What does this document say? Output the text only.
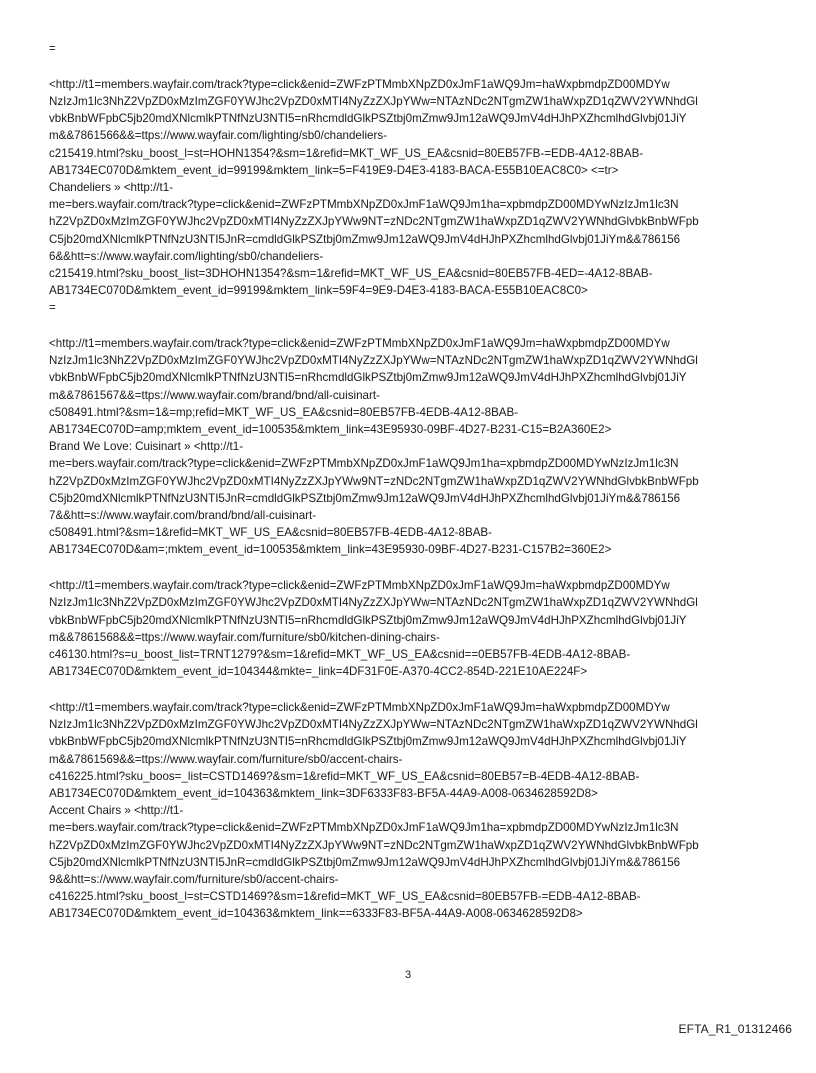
=
<http://t1=members.wayfair.com/track?type=click&enid=ZWFzPTMmbXNpZD0xJmF1aWQ9Jm=haWxpbmdpZD00MDYw
NzIzJm1lc3NhZ2VpZD0xMzImZGF0YWJhc2VpZD0xMTI4NyZzZXJpYWw=NTAzNDc2NTgmZW1haWxpZD1qZWV2YWNhdGl
vbkBnbWFpbC5jb20mdXNlcmlkPTNfNzU3NTI5=nRhcmdldGlkPSZtbj0mZmw9Jm12aWQ9JmV4dHJhPXZhcmlhdGlvbj01JiY
m&&7861566&&=ttps://www.wayfair.com/lighting/sb0/chandeliers-
c215419.html?sku_boost_l=st=HOHN1354?&sm=1&refid=MKT_WF_US_EA&csnid=80EB57FB-=EDB-4A12-8BAB-
AB1734EC070D&mktem_event_id=99199&mktem_link=5=F419E9-D4E3-4183-BACA-E55B10EAC8C0> <=tr>
Chandeliers » <http://t1-
me=bers.wayfair.com/track?type=click&enid=ZWFzPTMmbXNpZD0xJmF1aWQ9Jm1ha=xpbmdpZD00MDYwNzIzJm1lc3N
hZ2VpZD0xMzImZGF0YWJhc2VpZD0xMTI4NyZzZXJpYWw9NT=zNDc2NTgmZW1haWxpZD1qZWV2YWNhdGlvbkBnbWFpb
C5jb20mdXNlcmlkPTNfNzU3NTI5JnR=cmdldGlkPSZtbj0mZmw9Jm12aWQ9JmV4dHJhPXZhcmlhdGlvbj01JiYm&&786156
6&&htt=s://www.wayfair.com/lighting/sb0/chandeliers-
c215419.html?sku_boost_list=3DHOHN1354?&sm=1&refid=MKT_WF_US_EA&csnid=80EB57FB-4ED=-4A12-8BAB-
AB1734EC070D&mktem_event_id=99199&mktem_link=59F4=9E9-D4E3-4183-BACA-E55B10EAC8C0>
=
<http://t1=members.wayfair.com/track?type=click&enid=ZWFzPTMmbXNpZD0xJmF1aWQ9Jm=haWxpbmdpZD00MDYw
NzIzJm1lc3NhZ2VpZD0xMzImZGF0YWJhc2VpZD0xMTI4NyZzZXJpYWw=NTAzNDc2NTgmZW1haWxpZD1qZWV2YWNhdGl
vbkBnbWFpbC5jb20mdXNlcmlkPTNfNzU3NTI5=nRhcmdldGlkPSZtbj0mZmw9Jm12aWQ9JmV4dHJhPXZhcmlhdGlvbj01JiY
m&&7861567&&=ttps://www.wayfair.com/brand/bnd/all-cuisinart-
c508491.html?&sm=1&=mp;refid=MKT_WF_US_EA&csnid=80EB57FB-4EDB-4A12-8BAB-
AB1734EC070D=amp;mktem_event_id=100535&mktem_link=43E95930-09BF-4D27-B231-C15=B2A360E2>
Brand We Love: Cuisinart » <http://t1-
me=bers.wayfair.com/track?type=click&enid=ZWFzPTMmbXNpZD0xJmF1aWQ9Jm1ha=xpbmdpZD00MDYwNzIzJm1lc3N
hZ2VpZD0xMzImZGF0YWJhc2VpZD0xMTI4NyZzZXJpYWw9NT=zNDc2NTgmZW1haWxpZD1qZWV2YWNhdGlvbkBnbWFpb
C5jb20mdXNlcmlkPTNfNzU3NTI5JnR=cmdldGlkPSZtbj0mZmw9Jm12aWQ9JmV4dHJhPXZhcmlhdGlvbj01JiYm&&786156
7&&htt=s://www.wayfair.com/brand/bnd/all-cuisinart-
c508491.html?&sm=1&refid=MKT_WF_US_EA&csnid=80EB57FB-4EDB-4A12-8BAB-
AB1734EC070D&am=;mktem_event_id=100535&mktem_link=43E95930-09BF-4D27-B231-C157B2=360E2>
<http://t1=members.wayfair.com/track?type=click&enid=ZWFzPTMmbXNpZD0xJmF1aWQ9Jm=haWxpbmdpZD00MDYw
NzIzJm1lc3NhZ2VpZD0xMzImZGF0YWJhc2VpZD0xMTI4NyZzZXJpYWw=NTAzNDc2NTgmZW1haWxpZD1qZWV2YWNhdGl
vbkBnbWFpbC5jb20mdXNlcmlkPTNfNzU3NTI5=nRhcmdldGlkPSZtbj0mZmw9Jm12aWQ9JmV4dHJhPXZhcmlhdGlvbj01JiY
m&&7861568&&=ttps://www.wayfair.com/furniture/sb0/kitchen-dining-chairs-
c46130.html?s=u_boost_list=TRNT1279?&sm=1&refid=MKT_WF_US_EA&csnid==0EB57FB-4EDB-4A12-8BAB-
AB1734EC070D&mktem_event_id=104344&mkte=_link=4DF31F0E-A370-4CC2-854D-221E10AE224F>
<http://t1=members.wayfair.com/track?type=click&enid=ZWFzPTMmbXNpZD0xJmF1aWQ9Jm=haWxpbmdpZD00MDYw
NzIzJm1lc3NhZ2VpZD0xMzImZGF0YWJhc2VpZD0xMTI4NyZzZXJpYWw=NTAzNDc2NTgmZW1haWxpZD1qZWV2YWNhdGl
vbkBnbWFpbC5jb20mdXNlcmlkPTNfNzU3NTI5=nRhcmdldGlkPSZtbj0mZmw9Jm12aWQ9JmV4dHJhPXZhcmlhdGlvbj01JiY
m&&7861569&&=ttps://www.wayfair.com/furniture/sb0/accent-chairs-
c416225.html?sku_boos=_list=CSTD1469?&sm=1&refid=MKT_WF_US_EA&csnid=80EB57=B-4EDB-4A12-8BAB-
AB1734EC070D&mktem_event_id=104363&mktem_link=3DF6333F83-BF5A-44A9-A008-0634628592D8>
Accent Chairs » <http://t1-
me=bers.wayfair.com/track?type=click&enid=ZWFzPTMmbXNpZD0xJmF1aWQ9Jm1ha=xpbmdpZD00MDYwNzIzJm1lc3N
hZ2VpZD0xMzImZGF0YWJhc2VpZD0xMTI4NyZzZXJpYWw9NT=zNDc2NTgmZW1haWxpZD1qZWV2YWNhdGlvbkBnbWFpb
C5jb20mdXNlcmlkPTNfNzU3NTI5JnR=cmdldGlkPSZtbj0mZmw9Jm12aWQ9JmV4dHJhPXZhcmlhdGlvbj01JiYm&&786156
9&&htt=s://www.wayfair.com/furniture/sb0/accent-chairs-
c416225.html?sku_boost_l=st=CSTD1469?&sm=1&refid=MKT_WF_US_EA&csnid=80EB57FB-=EDB-4A12-8BAB-
AB1734EC070D&mktem_event_id=104363&mktem_link==6333F83-BF5A-44A9-A008-0634628592D8>
3
EFTA_R1_01312466
